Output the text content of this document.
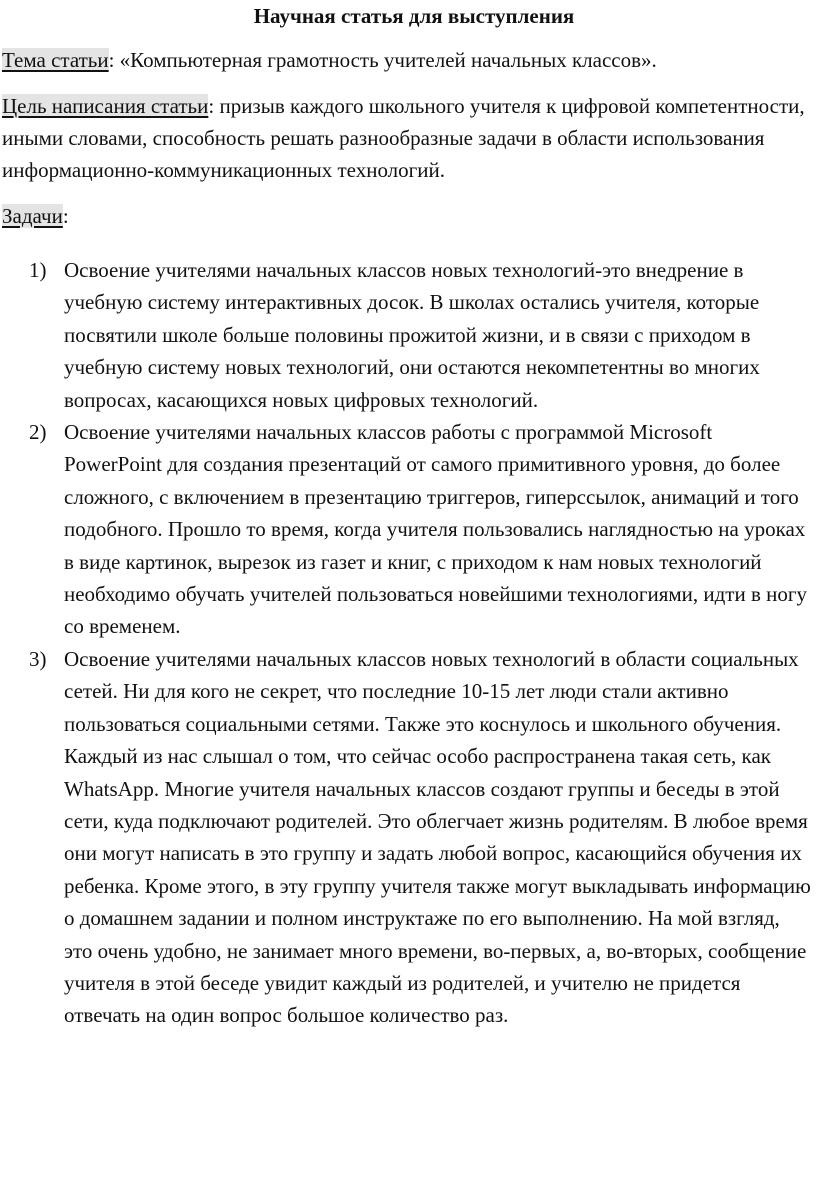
Научная статья для выступления

Тема статьи: «Компьютерная грамотность учителей начальных классов».

Цель написания статьи: призыв каждого школьного учителя к цифровой компетентности, иными словами, способность решать разнообразные задачи в области использования информационно-коммуникационных технологий.

Задачи:

1) Освоение учителями начальных классов новых технологий-это внедрение в учебную систему интерактивных досок. В школах остались учителя, которые посвятили школе больше половины прожитой жизни, и в связи с приходом в учебную систему новых технологий, они остаются некомпетентны во многих вопросах, касающихся новых цифровых технологий.
2) Освоение учителями начальных классов работы с программой Microsoft PowerPoint для создания презентаций от самого примитивного уровня, до более сложного, с включением в презентацию триггеров, гиперссылок, анимаций и того подобного. Прошло то время, когда учителя пользовались наглядностью на уроках в виде картинок, вырезок из газет и книг, с приходом к нам новых технологий необходимо обучать учителей пользоваться новейшими технологиями, идти в ногу со временем.
3) Освоение учителями начальных классов новых технологий в области социальных сетей. Ни для кого не секрет, что последние 10-15 лет люди стали активно пользоваться социальными сетями. Также это коснулось и школьного обучения. Каждый из нас слышал о том, что сейчас особо распространена такая сеть, как WhatsApp. Многие учителя начальных классов создают группы и беседы в этой сети, куда подключают родителей. Это облегчает жизнь родителям. В любое время они могут написать в это группу и задать любой вопрос, касающийся обучения их ребенка. Кроме этого, в эту группу учителя также могут выкладывать информацию о домашнем задании и полном инструктаже по его выполнению. На мой взгляд, это очень удобно, не занимает много времени, во-первых, а, во-вторых, сообщение учителя в этой беседе увидит каждый из родителей, и учителю не придется отвечать на один вопрос большое количество раз.
